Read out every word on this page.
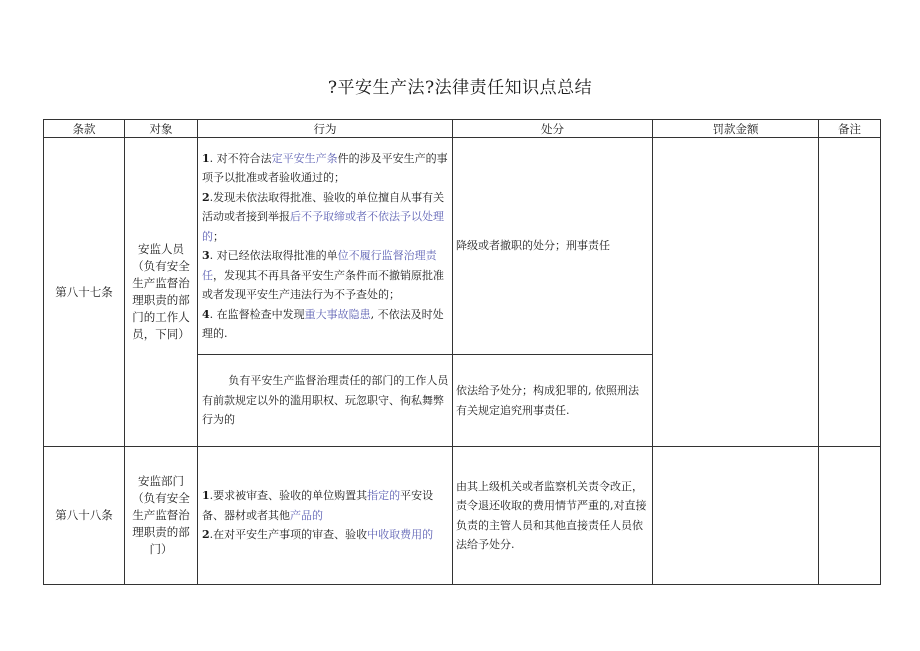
?平安生产法?法律责任知识点总结
条款	对象	行为	处分	罚款金额	备注
第八十七条	安监人员（负有安全生产监督治理职责的部门的工作人员，下同）	1. 对不符合法定平安生产条件的涉及平安生产的事项予以批准或者验收通过的；
2.发现未依法取得批准、验收的单位擅自从事有关活动或者接到举报后不予取缔或者不依法予以处理的；
3. 对已经依法取得批准的单位不履行监督治理责任，发现其不再具备平安生产条件而不撤销原批准或者发现平安生产违法行为不予查处的；
4. 在监督检查中发现重大事故隐患, 不依法及时处理的.	降级或者撤职的处分；刑事责任		
		负有平安生产监督治理责任的部门的工作人员有前款规定以外的滥用职权、玩忽职守、徇私舞弊行为的	依法给予处分；构成犯罪的, 依照刑法有关规定追究刑事责任.		
第八十八条	安监部门（负有安全生产监督治理职责的部门）	1.要求被审查、验收的单位购置其指定的平安设备、器材或者其他产品的
2.在对平安生产事项的审查、验收中收取费用的	由其上级机关或者监察机关责令改正，责令退还收取的费用情节严重的,对直接负责的主管人员和其他直接责任人员依法给予处分.		
